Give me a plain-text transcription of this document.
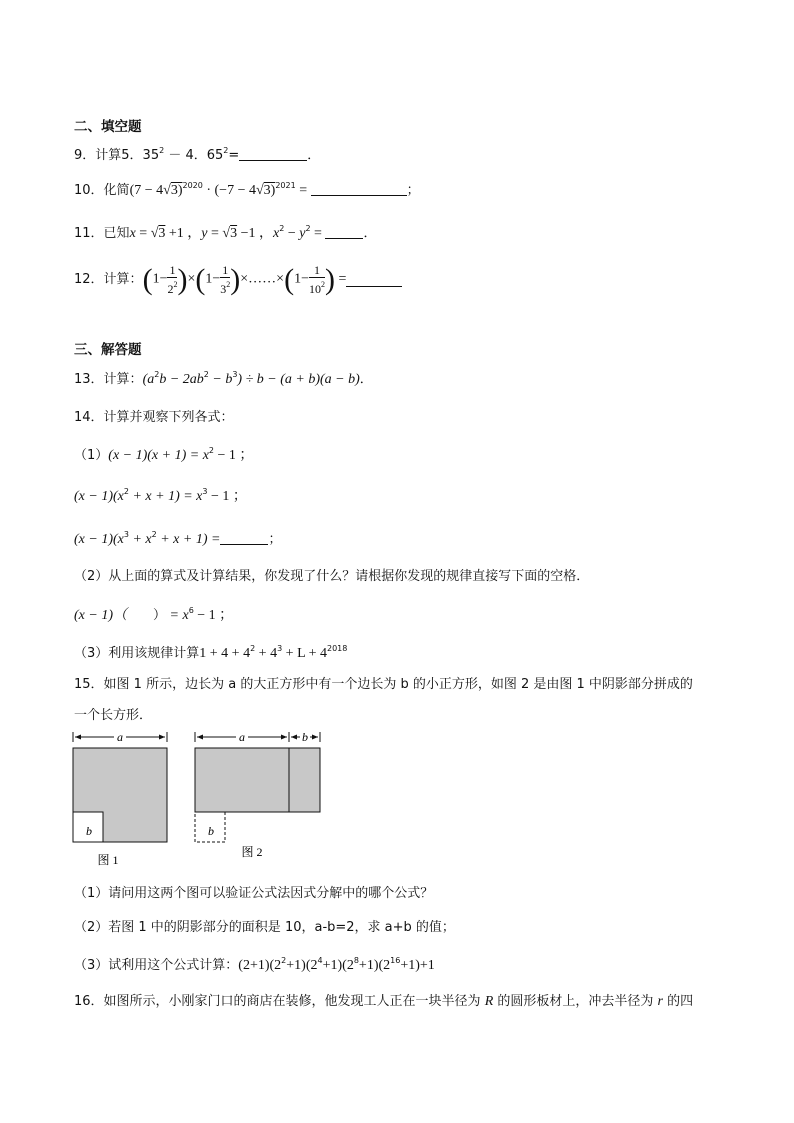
二、填空题
9．计算5．$35^2 - 4$．$65^2=$	．
10．化简$(7 - 4√3)^{2020} \cdot (-7 - 4√3)^{2021}$ =	；
11．已知x = √3 +1 ，y = √3 −1 ，$x^2 - y^2$ =	．
12．计算：$(1- \frac{1}{2^2} )\times(1- \frac{1}{3^2}$ )×……×(1− $\frac{1}{10^2}$ ) =
三、解答题
13．计算：$(a^2b - 2ab^2 - b^3) \div b - (a + b)(a - b)$．
14．计算并观察下列各式：
$(1)(x - 1)(x + 1) = x^2 - 1$ ；
$(x - 1)(x^2 + x + 1) = x^3 - 1$ ；
$(x - 1)(x^3 + x^2 + x + 1)$ =	；
（2）从上面的算式及计算结果，你发现了什么？请根据你发现的规律直接写下面的空格．
(x − 1)（ ） = $x^6 - 1$ ；
（3）利用该规律计算$1 + 4 + 4^2 + 4^3 + L + 4^{2018}$
15．如图 1 所示，边长为 a 的大正方形中有一个边长为 b 的小正方形，如图 2 是由图 1 中阴影部分拼成的
一个长方形．
a
b
图 1
a	b
b
图 2
（1）请问用这两个图可以验证公式法因式分解中的哪个公式？
（2）若图 1 中的阴影部分的面积是 10，a-b=2，求 a+b 的值；
（3）试利用这个公式计算：$(2+1)(2^2+1)(2^4+1)(2^8+1)(2^{16}+1)+1$
16．如图所示，小刚家门口的商店在装修，他发现工人正在一块半径为 R 的圆形板材上，冲去半径为 r 的四
